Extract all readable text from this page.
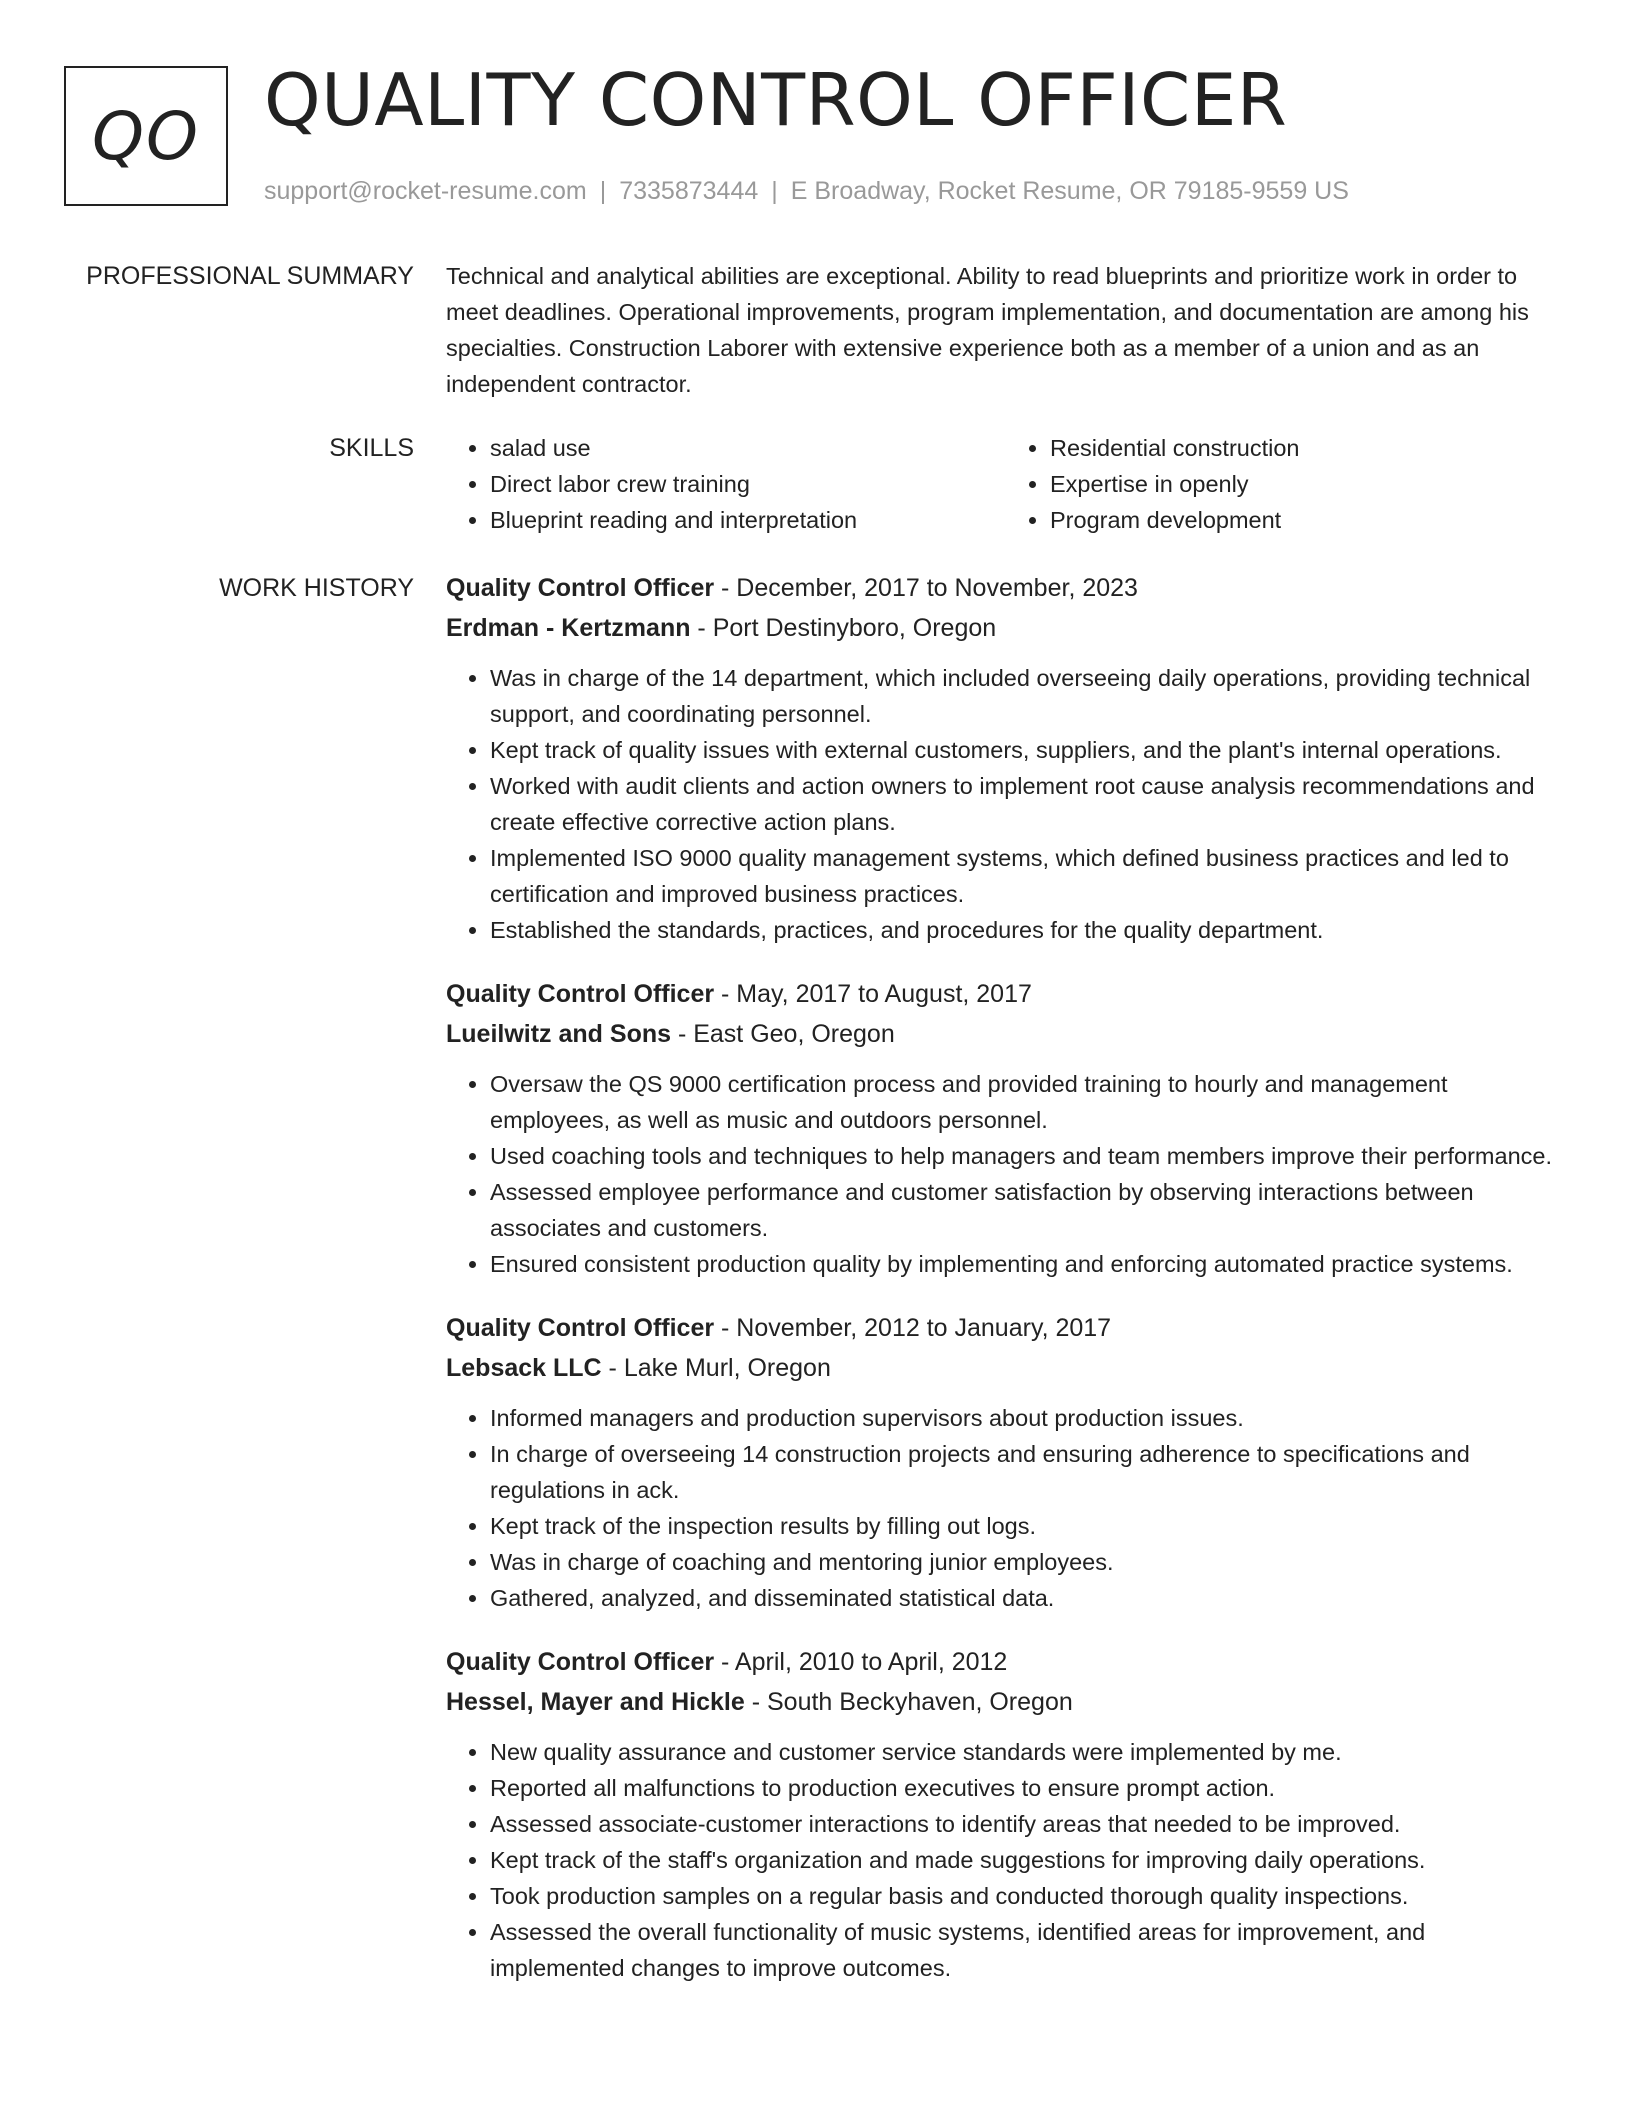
QO QUALITY CONTROL OFFICER
support@rocket-resume.com | 7335873444 | E Broadway, Rocket Resume, OR 79185-9559 US
PROFESSIONAL SUMMARY Technical and analytical abilities are exceptional. Ability to read blueprints and prioritize work in order to meet deadlines. Operational improvements, program implementation, and documentation are among his specialties. Construction Laborer with extensive experience both as a member of a union and as an independent contractor.
SKILLS
•	salad use
• Direct labor crew training
• Blueprint reading and interpretation
• Residential construction
• Expertise in openly
• Program development
WORK HISTORY Quality Control Officer - December, 2017 to November, 2023
Erdman - Kertzmann - Port Destinyboro, Oregon
• Was in charge of the 14 department, which included overseeing daily operations, providing technical support, and coordinating personnel.
• Kept track of quality issues with external customers, suppliers, and the plant's internal operations.
• Worked with audit clients and action owners to implement root cause analysis recommendations and create effective corrective action plans.
• Implemented ISO 9000 quality management systems, which defined business practices and led to certification and improved business practices.
• Established the standards, practices, and procedures for the quality department.
Quality Control Officer - May, 2017 to August, 2017
Lueilwitz and Sons - East Geo, Oregon
• Oversaw the QS 9000 certification process and provided training to hourly and management employees, as well as music and outdoors personnel.
• Used coaching tools and techniques to help managers and team members improve their performance.
• Assessed employee performance and customer satisfaction by observing interactions between associates and customers.
• Ensured consistent production quality by implementing and enforcing automated practice systems.
Quality Control Officer - November, 2012 to January, 2017
Lebsack LLC - Lake Murl, Oregon
• Informed managers and production supervisors about production issues.
• In charge of overseeing 14 construction projects and ensuring adherence to specifications and regulations in ack.
• Kept track of the inspection results by filling out logs.
• Was in charge of coaching and mentoring junior employees.
• Gathered, analyzed, and disseminated statistical data.
Quality Control Officer - April, 2010 to April, 2012
Hessel, Mayer and Hickle - South Beckyhaven, Oregon
• New quality assurance and customer service standards were implemented by me.
• Reported all malfunctions to production executives to ensure prompt action.
• Assessed associate-customer interactions to identify areas that needed to be improved.
• Kept track of the staff's organization and made suggestions for improving daily operations.
• Took production samples on a regular basis and conducted thorough quality inspections.
• Assessed the overall functionality of music systems, identified areas for improvement, and implemented changes to improve outcomes.
